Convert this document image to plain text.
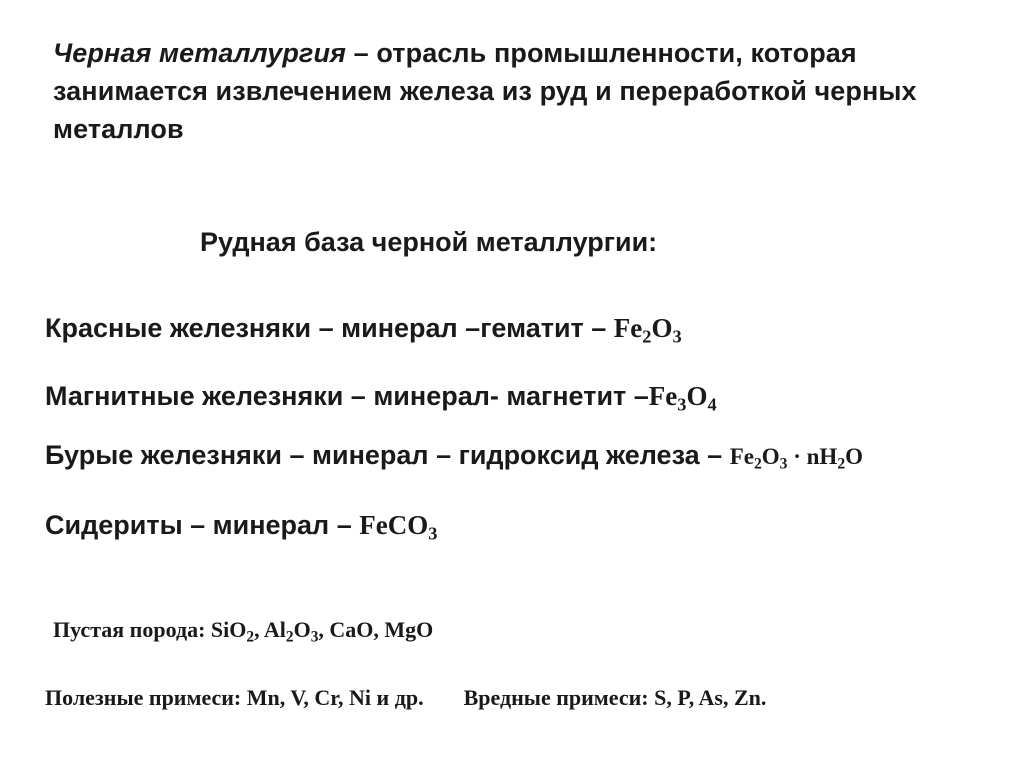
Черная металлургия – отрасль промышленности, которая занимается извлечением железа из руд и переработкой черных металлов
Рудная база черной металлургии:
Красные железняки – минерал –гематит – $Fe_2O_3$
Магнитные железняки – минерал- магнетит $-Fe_3O_4$
Бурые железняки – минерал – гидроксид железа – $Fe_2O_3 \cdot nH_2O$
Сидериты – минерал – FeCO$_3$
Пустая порода: SiO$_2$, $Al_2O_3$, CaO, MgO
Полезные примеси: Mn, V, Cr, Ni и др. Вредные примеси: S, P, As, Zn.
